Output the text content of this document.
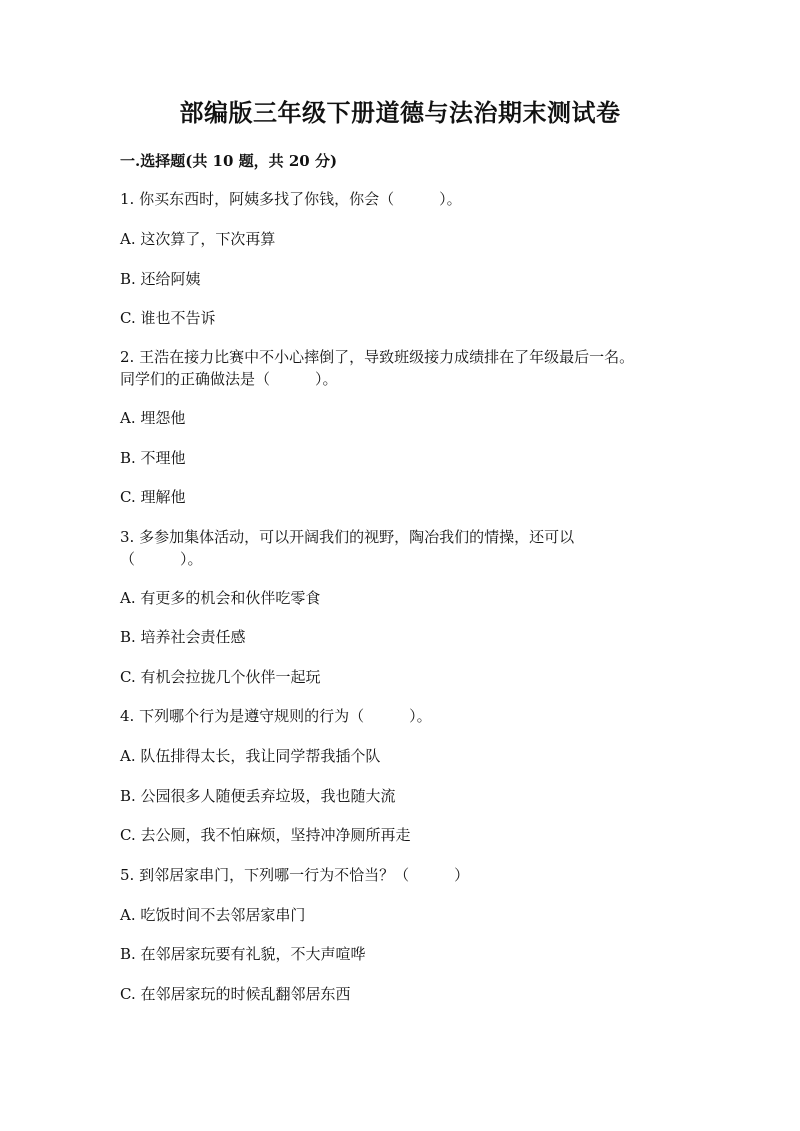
部编版三年级下册道德与法治期末测试卷
一.选择题(共 10 题，共 20 分)
1. 你买东西时，阿姨多找了你钱，你会（　　　）。
A. 这次算了，下次再算
B. 还给阿姨
C. 谁也不告诉
2. 王浩在接力比赛中不小心摔倒了，导致班级接力成绩排在了年级最后一名。
同学们的正确做法是（　　　）。
A. 埋怨他
B. 不理他
C. 理解他
3. 多参加集体活动，可以开阔我们的视野，陶冶我们的情操，还可以
（　　　）。
A. 有更多的机会和伙伴吃零食
B. 培养社会责任感
C. 有机会拉拢几个伙伴一起玩
4. 下列哪个行为是遵守规则的行为（　　　）。
A. 队伍排得太长，我让同学帮我插个队
B. 公园很多人随便丢弃垃圾，我也随大流
C. 去公厕，我不怕麻烦，坚持冲净厕所再走
5. 到邻居家串门，下列哪一行为不恰当？（　　　）
A. 吃饭时间不去邻居家串门
B. 在邻居家玩要有礼貌，不大声喧哗
C. 在邻居家玩的时候乱翻邻居东西
